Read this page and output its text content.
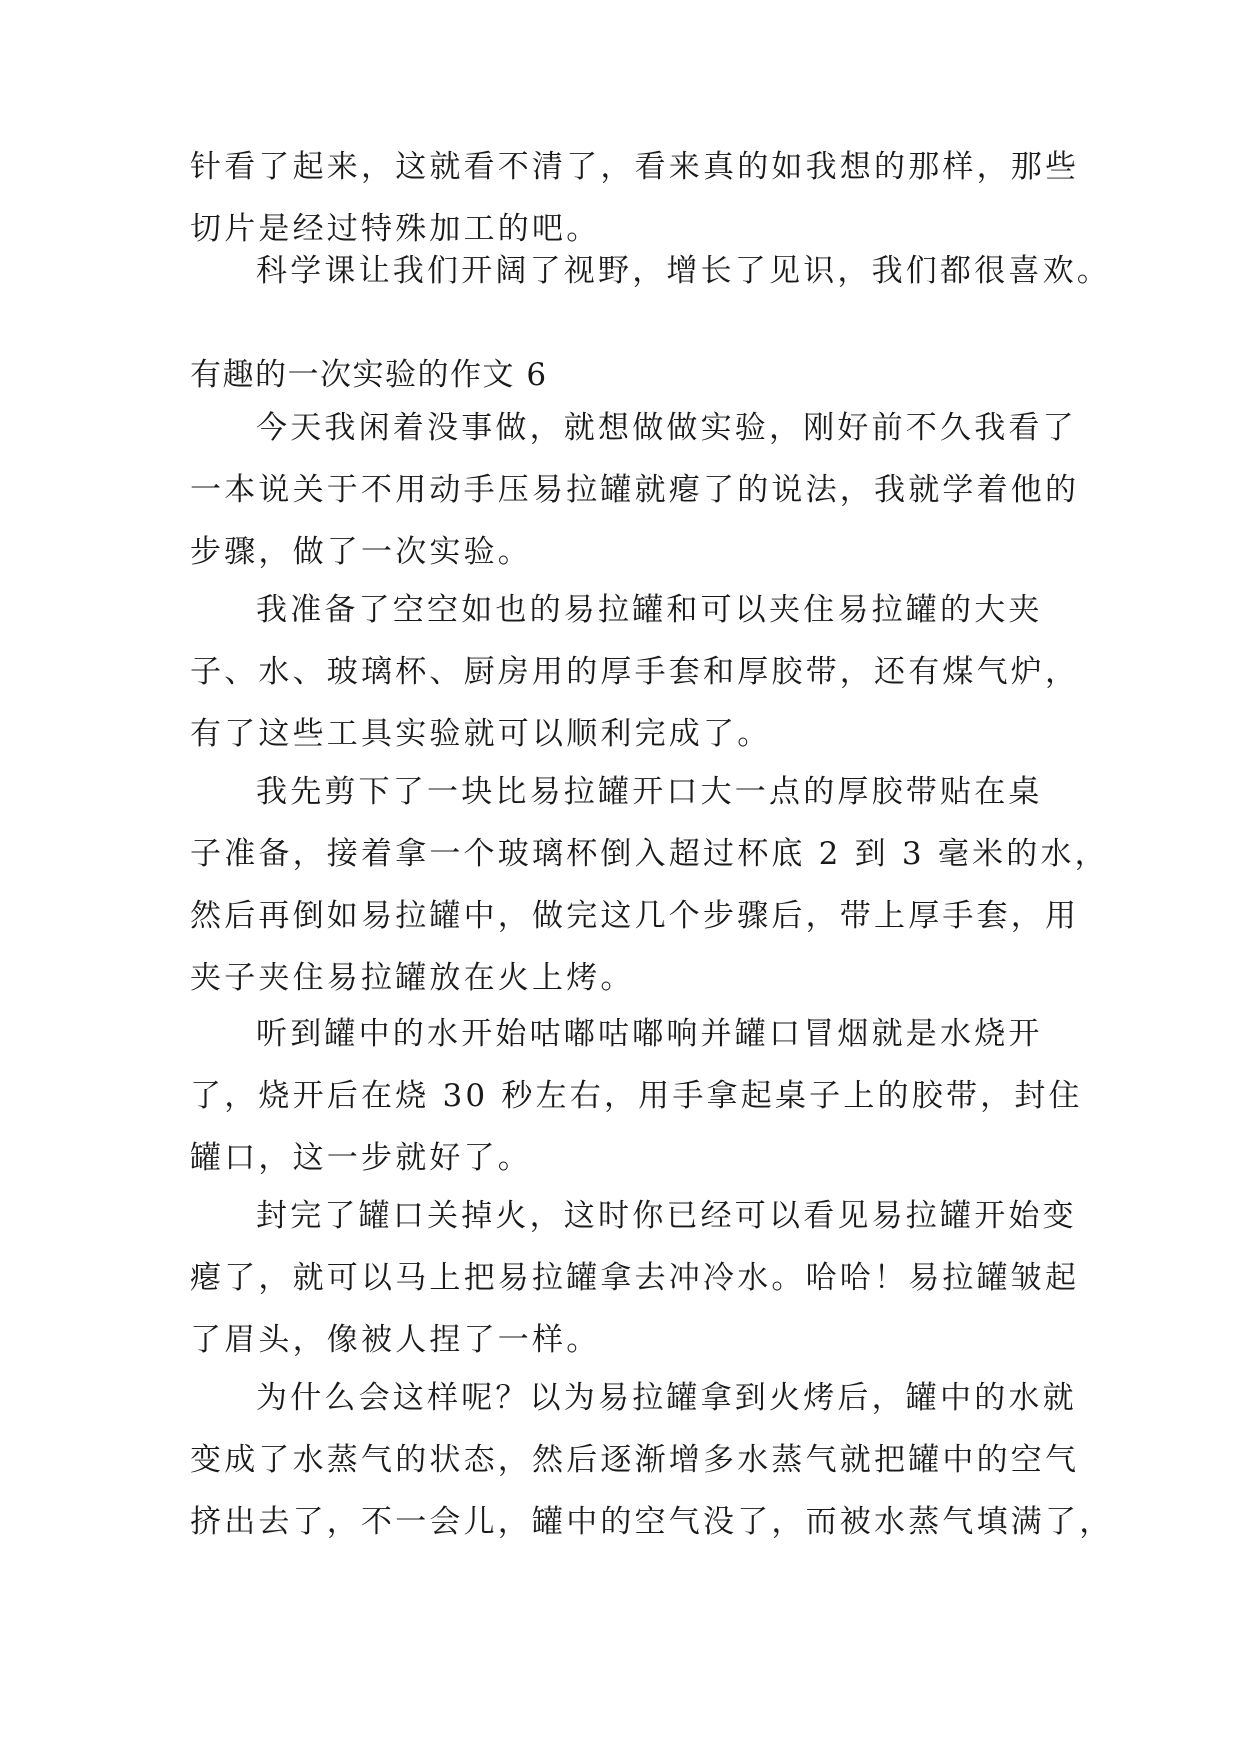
针看了起来，这就看不清了，看来真的如我想的那样，那些
切片是经过特殊加工的吧。
科学课让我们开阔了视野，增长了见识，我们都很喜欢。
有趣的一次实验的作文 6
今天我闲着没事做，就想做做实验，刚好前不久我看了
一本说关于不用动手压易拉罐就瘪了的说法，我就学着他的
步骤，做了一次实验。
我准备了空空如也的易拉罐和可以夹住易拉罐的大夹
子、水、玻璃杯、厨房用的厚手套和厚胶带，还有煤气炉，
有了这些工具实验就可以顺利完成了。
我先剪下了一块比易拉罐开口大一点的厚胶带贴在桌
子准备，接着拿一个玻璃杯倒入超过杯底 2 到 3 毫米的水，
然后再倒如易拉罐中，做完这几个步骤后，带上厚手套，用
夹子夹住易拉罐放在火上烤。
听到罐中的水开始咕嘟咕嘟响并罐口冒烟就是水烧开
了，烧开后在烧 30 秒左右，用手拿起桌子上的胶带，封住
罐口，这一步就好了。
封完了罐口关掉火，这时你已经可以看见易拉罐开始变
瘪了，就可以马上把易拉罐拿去冲冷水。哈哈！易拉罐皱起
了眉头，像被人捏了一样。
为什么会这样呢？以为易拉罐拿到火烤后，罐中的水就
变成了水蒸气的状态，然后逐渐增多水蒸气就把罐中的空气
挤出去了，不一会儿，罐中的空气没了，而被水蒸气填满了，
